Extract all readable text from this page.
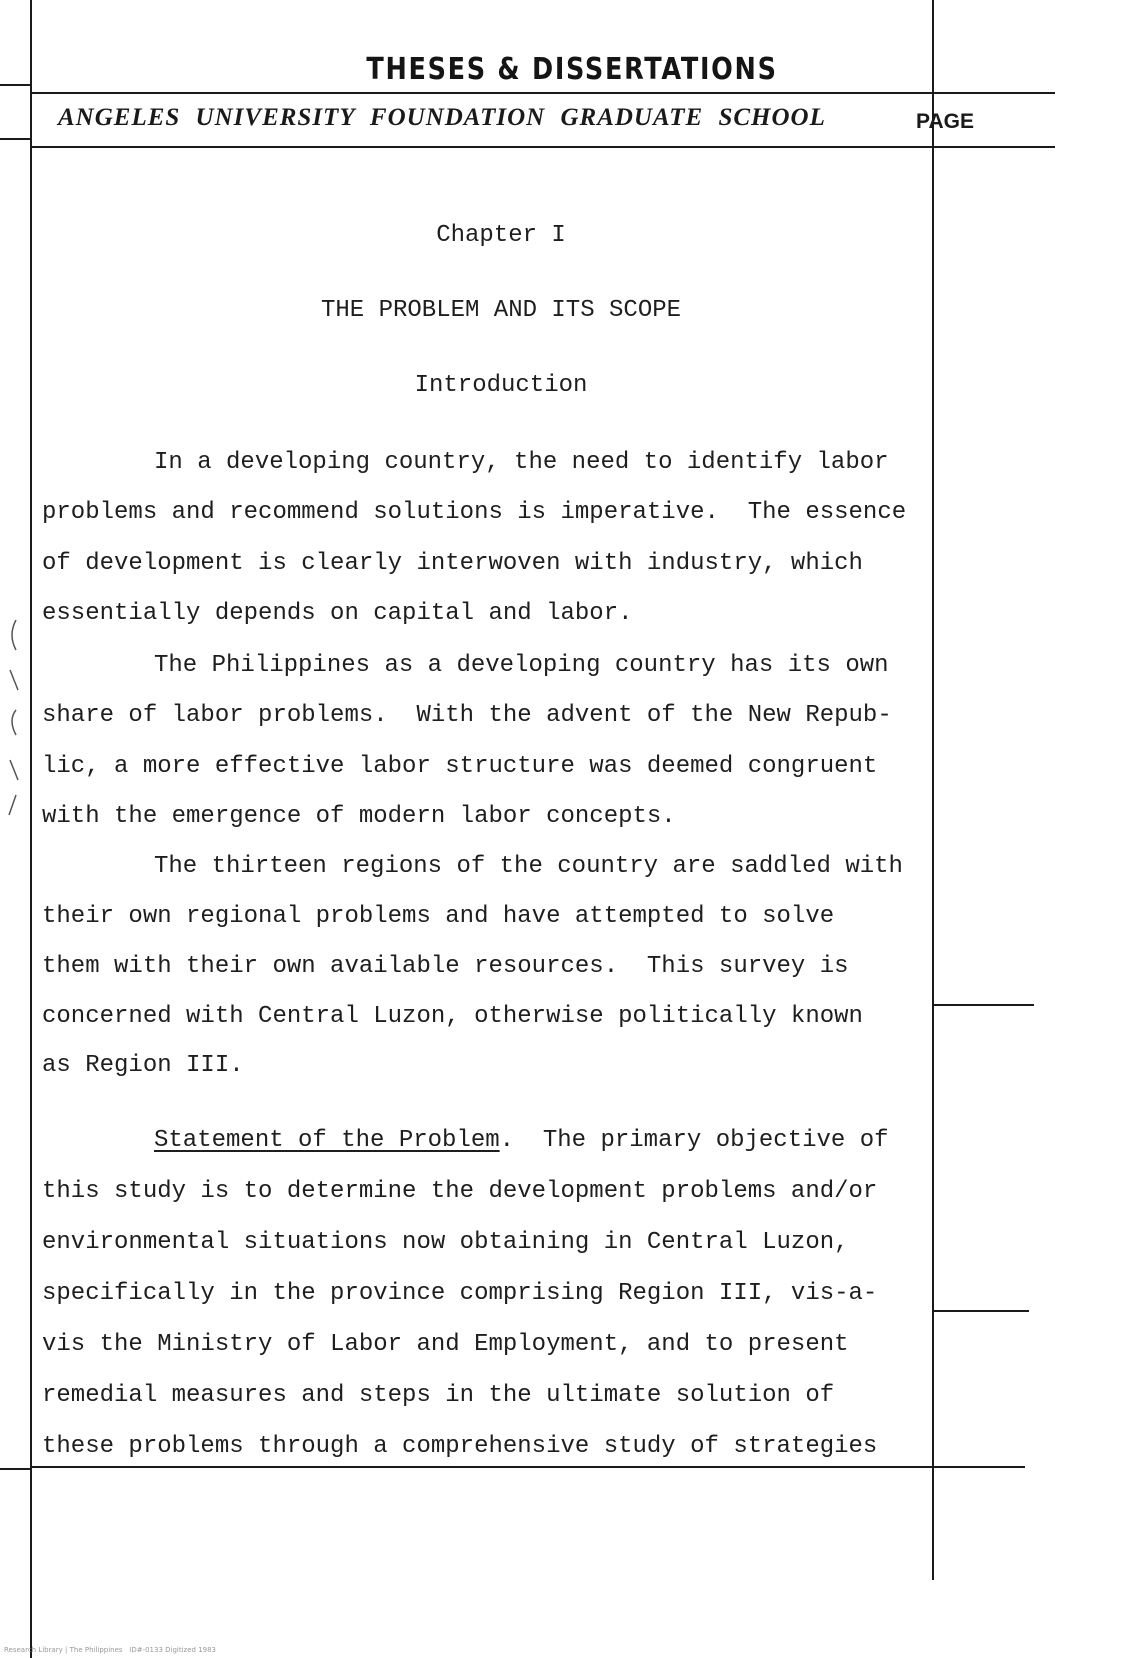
THESES & DISSERTATIONS
ANGELES UNIVERSITY FOUNDATION GRADUATE SCHOOL	PAGE
Chapter I
THE PROBLEM AND ITS SCOPE
Introduction
In a developing country, the need to identify labor
problems and recommend solutions is imperative.  The essence
of development is clearly interwoven with industry, which
essentially depends on capital and labor.
The Philippines as a developing country has its own
share of labor problems.  With the advent of the New Repub-
lic, a more effective labor structure was deemed congruent
with the emergence of modern labor concepts.
The thirteen regions of the country are saddled with
their own regional problems and have attempted to solve
them with their own available resources.  This survey is
concerned with Central Luzon, otherwise politically known
as Region III.
Statement of the Problem.  The primary objective of
this study is to determine the development problems and/or
environmental situations now obtaining in Central Luzon,
specifically in the province comprising Region III, vis-a-
vis the Ministry of Labor and Employment, and to present
remedial measures and steps in the ultimate solution of
these problems through a comprehensive study of strategies
Research Library | The Philippines   ID#-0133 Digitized 1983
